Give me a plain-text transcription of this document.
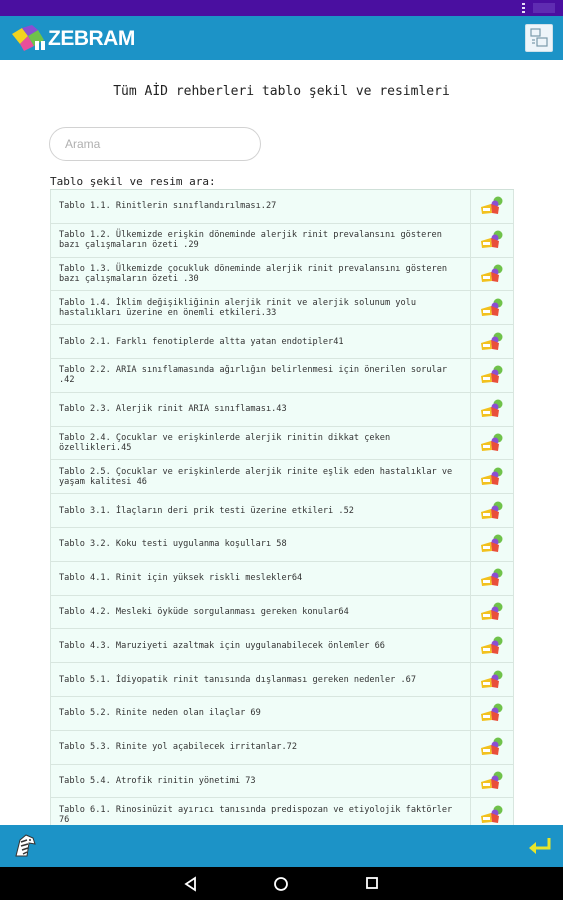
ZEBRAM
Tüm AİD rehberleri tablo şekil ve resimleri
Arama
Tablo şekil ve resim ara:
Tablo 1.1. Rinitlerin sınıflandırılması.27
Tablo 1.2. Ülkemizde erişkin döneminde alerjik rinit prevalansını gösteren bazı çalışmaların özeti .29
Tablo 1.3. Ülkemizde çocukluk döneminde alerjik rinit prevalansını gösteren bazı çalışmaların özeti .30
Tablo 1.4. İklim değişikliğinin alerjik rinit ve alerjik solunum yolu hastalıkları üzerine en önemli etkileri.33
Tablo 2.1. Farklı fenotiplerde altta yatan endotipler41
Tablo 2.2. ARIA sınıflamasında ağırlığın belirlenmesi için önerilen sorular .42
Tablo 2.3. Alerjik rinit ARIA sınıflaması.43
Tablo 2.4. Çocuklar ve erişkinlerde alerjik rinitin dikkat çeken özellikleri.45
Tablo 2.5. Çocuklar ve erişkinlerde alerjik rinite eşlik eden hastalıklar ve yaşam kalitesi 46
Tablo 3.1. İlaçların deri prik testi üzerine etkileri .52
Tablo 3.2. Koku testi uygulanma koşulları 58
Tablo 4.1. Rinit için yüksek riskli meslekler64
Tablo 4.2. Mesleki öyküde sorgulanması gereken konular64
Tablo 4.3. Maruziyeti azaltmak için uygulanabilecek önlemler 66
Tablo 5.1. İdiyopatik rinit tanısında dışlanması gereken nedenler .67
Tablo 5.2. Rinite neden olan ilaçlar 69
Tablo 5.3. Rinite yol açabilecek irritanlar.72
Tablo 5.4. Atrofik rinitin yönetimi 73
Tablo 6.1. Rinosinüzit ayırıcı tanısında predispozan ve etiyolojik faktörler 76
